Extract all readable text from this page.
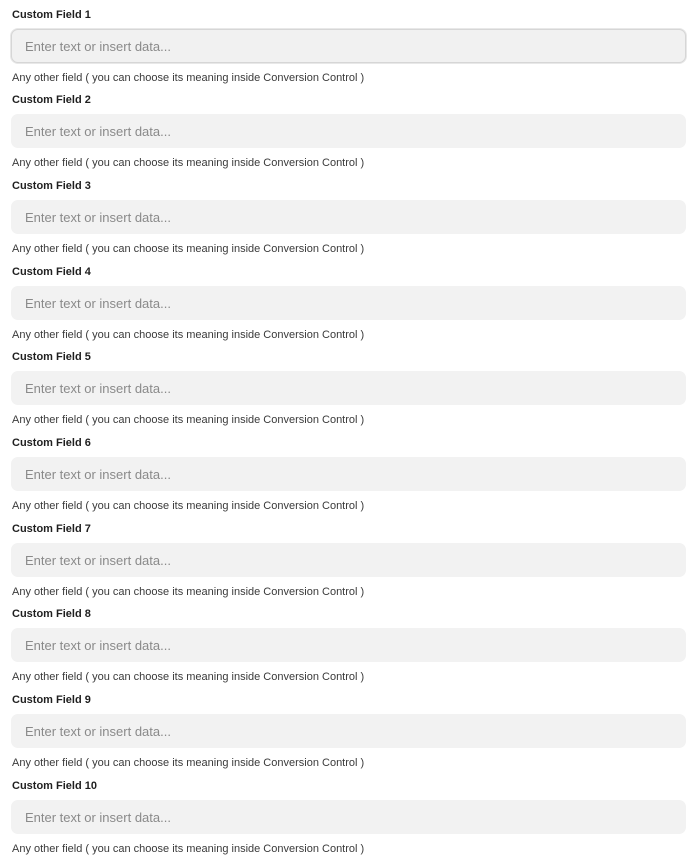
Custom Field 1
Enter text or insert data...
Any other field ( you can choose its meaning inside Conversion Control )
Custom Field 2
Enter text or insert data...
Any other field ( you can choose its meaning inside Conversion Control )
Custom Field 3
Enter text or insert data...
Any other field ( you can choose its meaning inside Conversion Control )
Custom Field 4
Enter text or insert data...
Any other field ( you can choose its meaning inside Conversion Control )
Custom Field 5
Enter text or insert data...
Any other field ( you can choose its meaning inside Conversion Control )
Custom Field 6
Enter text or insert data...
Any other field ( you can choose its meaning inside Conversion Control )
Custom Field 7
Enter text or insert data...
Any other field ( you can choose its meaning inside Conversion Control )
Custom Field 8
Enter text or insert data...
Any other field ( you can choose its meaning inside Conversion Control )
Custom Field 9
Enter text or insert data...
Any other field ( you can choose its meaning inside Conversion Control )
Custom Field 10
Enter text or insert data...
Any other field ( you can choose its meaning inside Conversion Control )
